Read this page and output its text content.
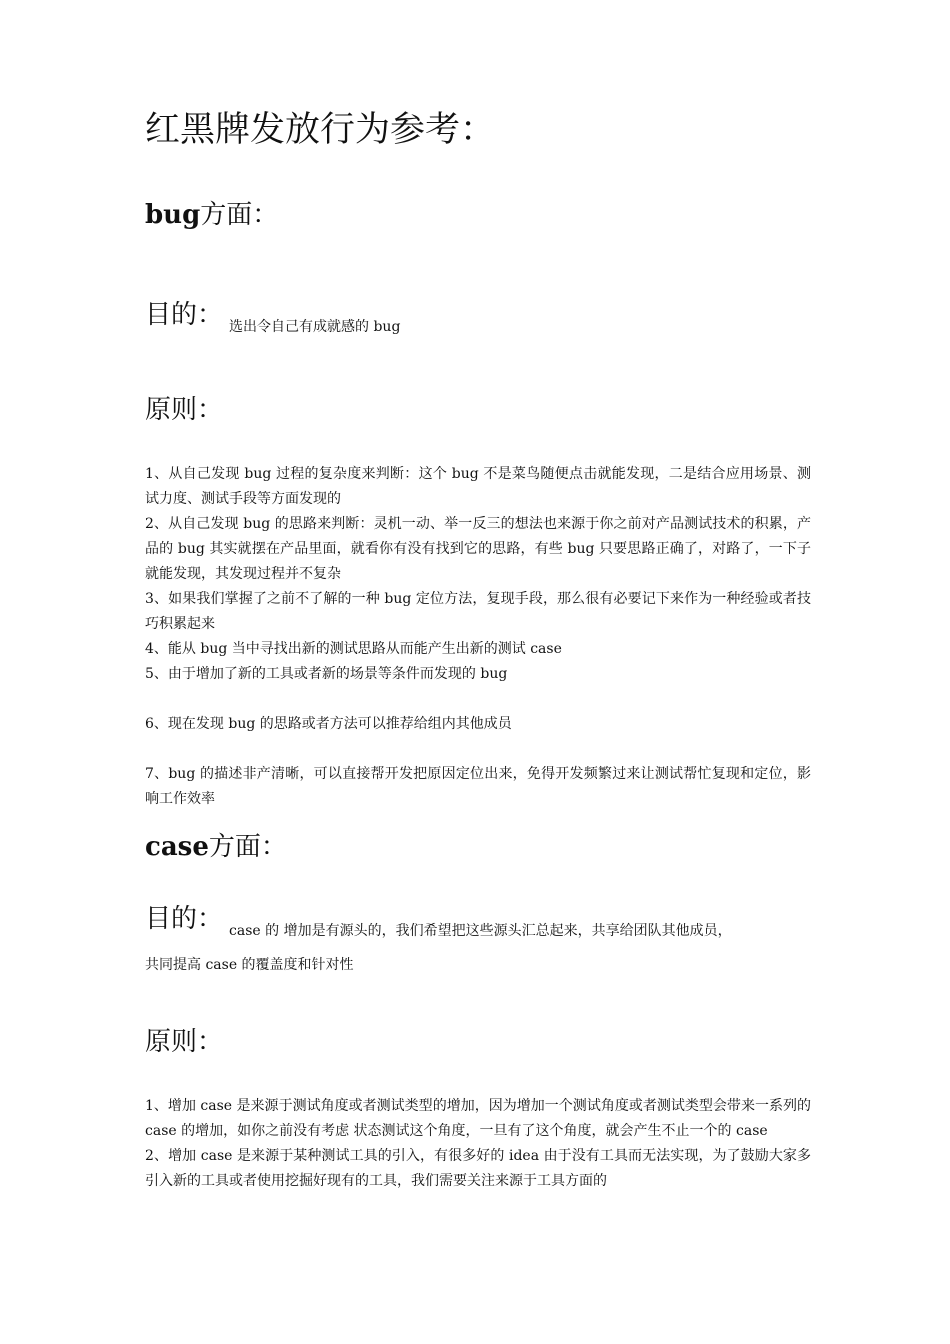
红黑牌发放行为参考：
bug方面：
目的： $_{选出令自己有成就感的 bug}$
原则：

1、从自己发现 bug 过程的复杂度来判断：这个 bug 不是菜鸟随便点击就能发现，二是结合应用场景、测试力度、测试手段等方面发现的

2、从自己发现 bug 的思路来判断：灵机一动、举一反三的想法也来源于你之前对产品测试技术的积累，产品的 bug 其实就摆在产品里面，就看你有没有找到它的思路，有些 bug 只要思路正确了，对路了，一下子就能发现，其发现过程并不复杂

3、如果我们掌握了之前不了解的一种 bug 定位方法，复现手段，那么很有必要记下来作为一种经验或者技巧积累起来

4、能从 bug 当中寻找出新的测试思路从而能产生出新的测试 case

5、由于增加了新的工具或者新的场景等条件而发现的 bug

6、现在发现 bug 的思路或者方法可以推荐给组内其他成员

7、bug 的描述非产清晰，可以直接帮开发把原因定位出来，免得开发频繁过来让测试帮忙复现和定位，影响工作效率

case方面：
目的： $_{case 的 增加是有源头的,我们希望把这些源头汇总起来,共享给团队其他成员,}$
共同提高 case 的覆盖度和针对性
原则：

1、增加 case 是来源于测试角度或者测试类型的增加，因为增加一个测试角度或者测试类型会带来一系列的 case 的增加，如你之前没有考虑 状态测试这个角度，一旦有了这个角度，就会产生不止一个的 case

2、增加 case 是来源于某种测试工具的引入，有很多好的 idea 由于没有工具而无法实现，为了鼓励大家多引入新的工具或者使用挖掘好现有的工具，我们需要关注来源于工具方面的
